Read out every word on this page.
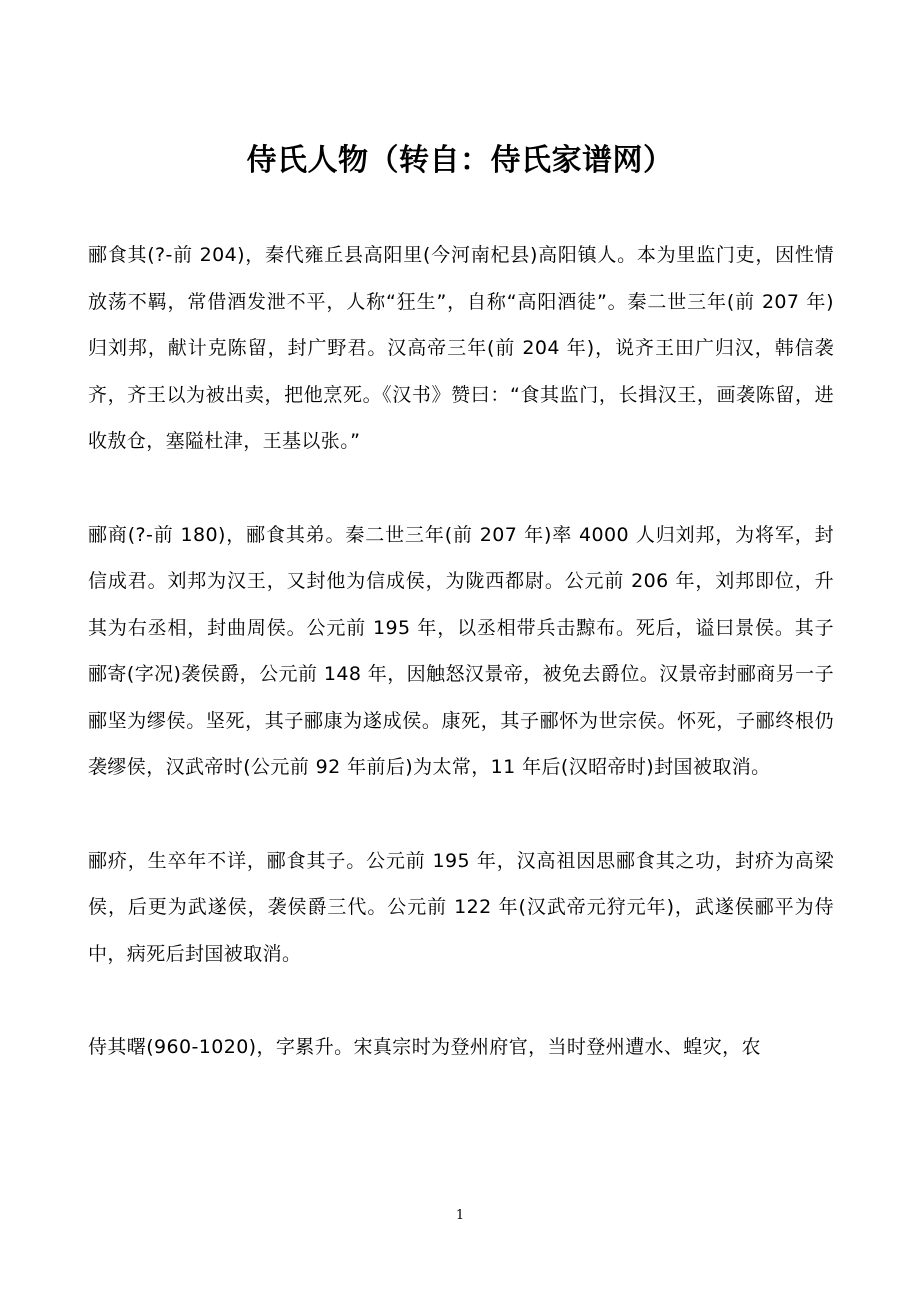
侍氏人物（转自：侍氏家谱网）

郦食其(?-前 204)，秦代雍丘县高阳里(今河南杞县)高阳镇人。本为里监门吏，因性情放荡不羁，常借酒发泄不平，人称“狂生”，自称“高阳酒徒”。秦二世三年(前 207 年)归刘邦，献计克陈留，封广野君。汉高帝三年(前 204 年)，说齐王田广归汉，韩信袭齐，齐王以为被出卖，把他烹死。《汉书》赞曰：“食其监门，长揖汉王，画袭陈留，进收敖仓，塞隘杜津，王基以张。”

郦商(?-前 180)，郦食其弟。秦二世三年(前 207 年)率 4000 人归刘邦，为将军，封信成君。刘邦为汉王，又封他为信成侯，为陇西都尉。公元前 206 年，刘邦即位，升其为右丞相，封曲周侯。公元前 195 年，以丞相带兵击黥布。死后，谥曰景侯。其子郦寄(字况)袭侯爵，公元前 148 年，因触怒汉景帝，被免去爵位。汉景帝封郦商另一子郦坚为缪侯。坚死，其子郦康为遂成侯。康死，其子郦怀为世宗侯。怀死，子郦终根仍袭缪侯，汉武帝时(公元前 92 年前后)为太常，11 年后(汉昭帝时)封国被取消。

郦疥，生卒年不详，郦食其子。公元前 195 年，汉高祖因思郦食其之功，封疥为高梁侯，后更为武遂侯，袭侯爵三代。公元前 122 年(汉武帝元狩元年)，武遂侯郦平为侍中，病死后封国被取消。

侍其曙(960-1020)，字累升。宋真宗时为登州府官，当时登州遭水、蝗灾，农

1
